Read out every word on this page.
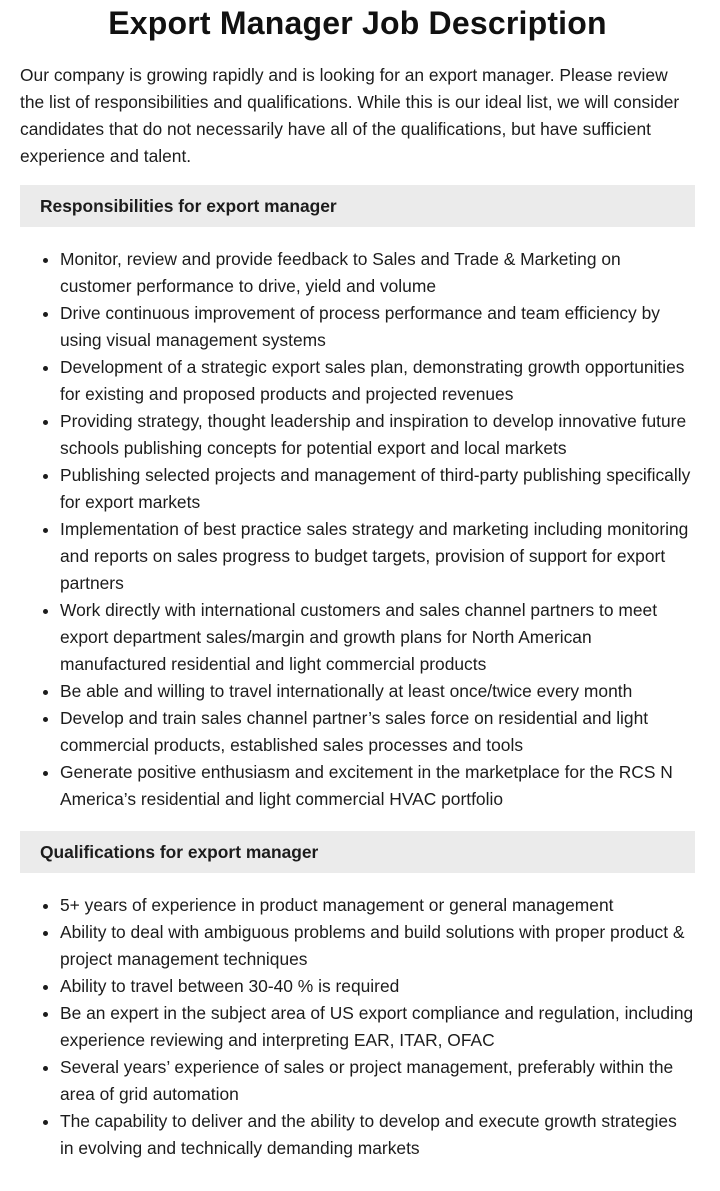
Export Manager Job Description

Our company is growing rapidly and is looking for an export manager. Please review the list of responsibilities and qualifications. While this is our ideal list, we will consider candidates that do not necessarily have all of the qualifications, but have sufficient experience and talent.

Responsibilities for export manager
Monitor, review and provide feedback to Sales and Trade & Marketing on customer performance to drive, yield and volume
Drive continuous improvement of process performance and team efficiency by using visual management systems
Development of a strategic export sales plan, demonstrating growth opportunities for existing and proposed products and projected revenues
Providing strategy, thought leadership and inspiration to develop innovative future schools publishing concepts for potential export and local markets
Publishing selected projects and management of third-party publishing specifically for export markets
Implementation of best practice sales strategy and marketing including monitoring and reports on sales progress to budget targets, provision of support for export partners
Work directly with international customers and sales channel partners to meet export department sales/margin and growth plans for North American manufactured residential and light commercial products
Be able and willing to travel internationally at least once/twice every month
Develop and train sales channel partner’s sales force on residential and light commercial products, established sales processes and tools
Generate positive enthusiasm and excitement in the marketplace for the RCS N America’s residential and light commercial HVAC portfolio
Qualifications for export manager
5+ years of experience in product management or general management
Ability to deal with ambiguous problems and build solutions with proper product & project management techniques
Ability to travel between 30-40 % is required
Be an expert in the subject area of US export compliance and regulation, including experience reviewing and interpreting EAR, ITAR, OFAC
Several years’ experience of sales or project management, preferably within the area of grid automation
The capability to deliver and the ability to develop and execute growth strategies in evolving and technically demanding markets
